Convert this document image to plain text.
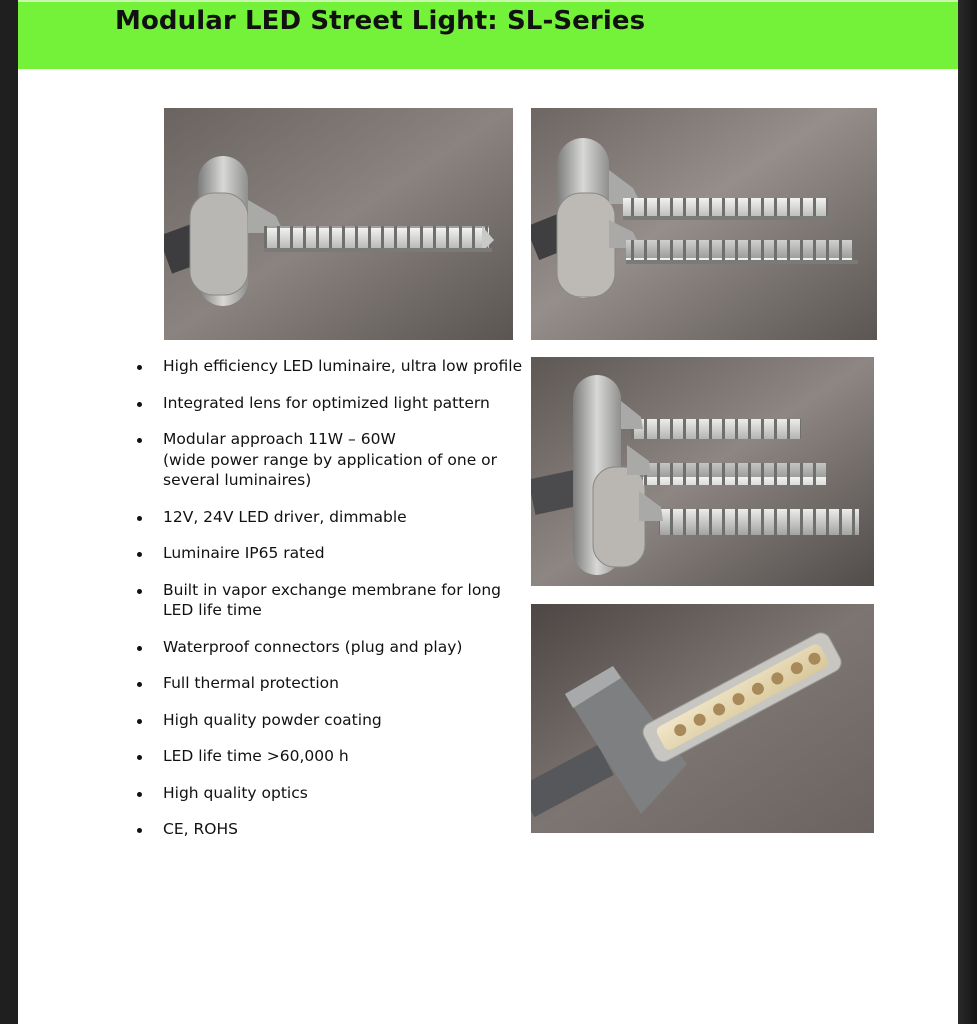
Modular LED Street Light: SL-Series
High efficiency LED luminaire, ultra low profile
Integrated lens for optimized light pattern
Modular approach 11W – 60W
(wide power range by application of one or
several luminaires)
12V, 24V LED driver, dimmable
Luminaire IP65 rated
Built in vapor exchange membrane for long
LED life time
Waterproof connectors (plug and play)
Full thermal protection
High quality powder coating
LED life time >60,000 h
High quality optics
CE, ROHS
